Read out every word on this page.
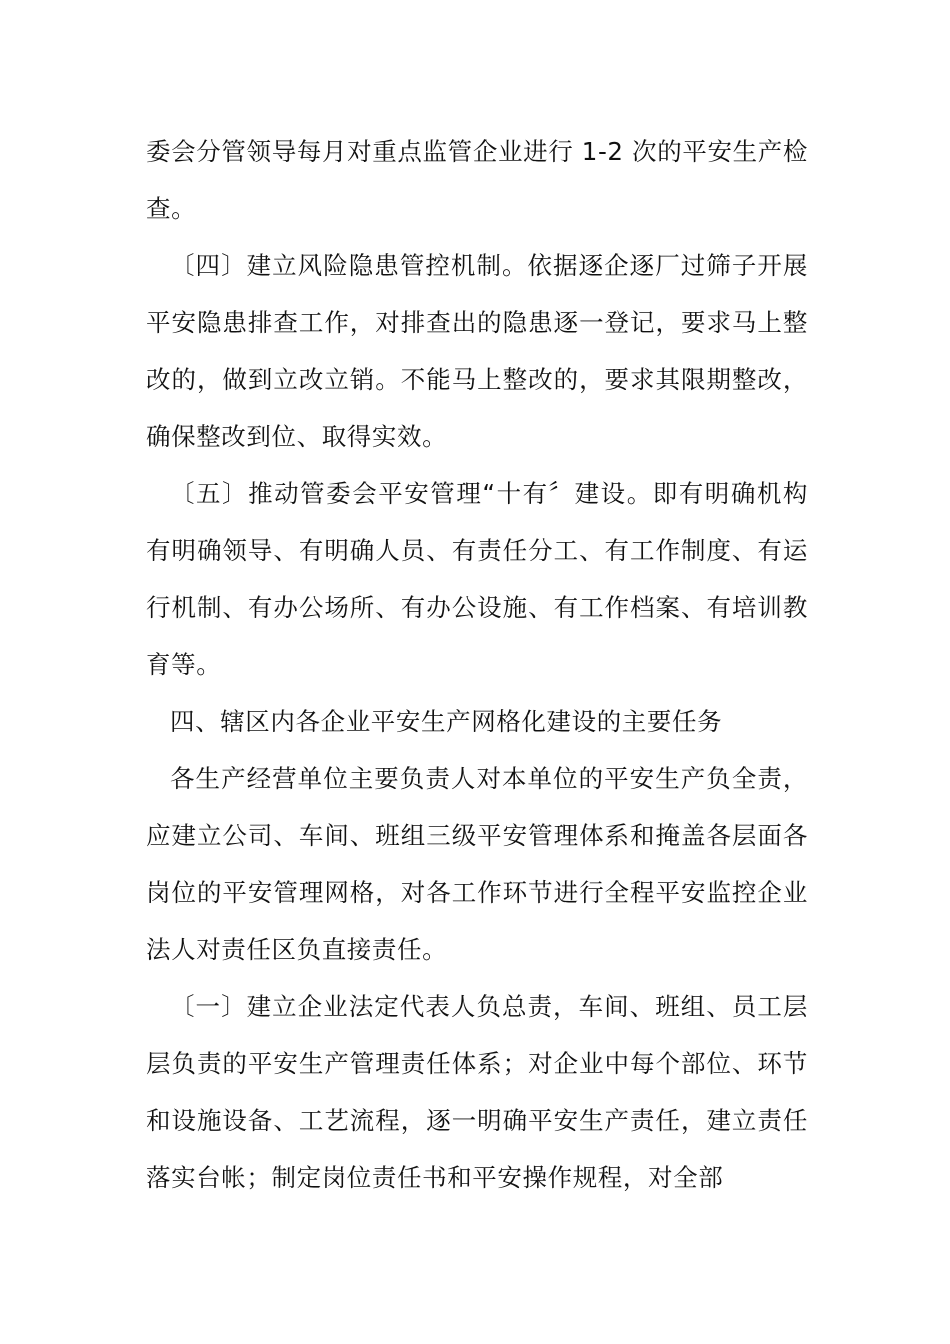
委会分管领导每月对重点监管企业进行 1-2 次的平安生产检查。

〔四〕建立风险隐患管控机制。依据逐企逐厂过筛子开展平安隐患排查工作，对排查出的隐患逐一登记，要求马上整改的，做到立改立销。不能马上整改的，要求其限期整改，确保整改到位、取得实效。

〔五〕推动管委会平安管理“十有〞建设。即有明确机构有明确领导、有明确人员、有责任分工、有工作制度、有运行机制、有办公场所、有办公设施、有工作档案、有培训教育等。

四、辖区内各企业平安生产网格化建设的主要任务

各生产经营单位主要负责人对本单位的平安生产负全责，应建立公司、车间、班组三级平安管理体系和掩盖各层面各岗位的平安管理网格，对各工作环节进行全程平安监控企业法人对责任区负直接责任。

〔一〕建立企业法定代表人负总责，车间、班组、员工层层负责的平安生产管理责任体系；对企业中每个部位、环节和设施设备、工艺流程，逐一明确平安生产责任，建立责任落实台帐；制定岗位责任书和平安操作规程，对全部
